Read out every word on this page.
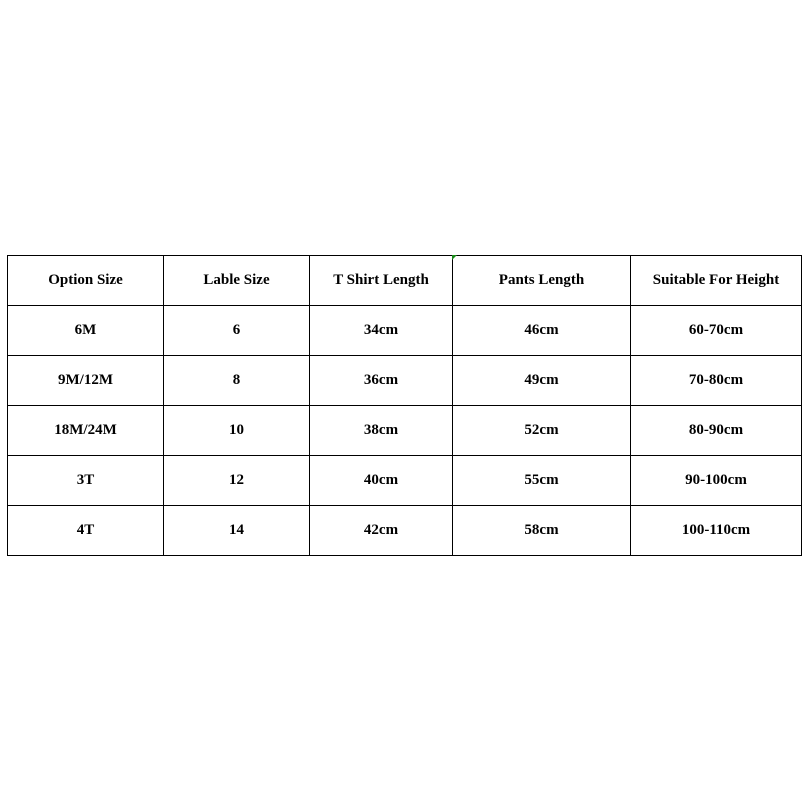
Option Size	Lable Size	T Shirt Length	Pants Length	Suitable For Height
6M	6	34cm	46cm	60-70cm
9M/12M	8	36cm	49cm	70-80cm
18M/24M	10	38cm	52cm	80-90cm
3T	12	40cm	55cm	90-100cm
4T	14	42cm	58cm	100-110cm
